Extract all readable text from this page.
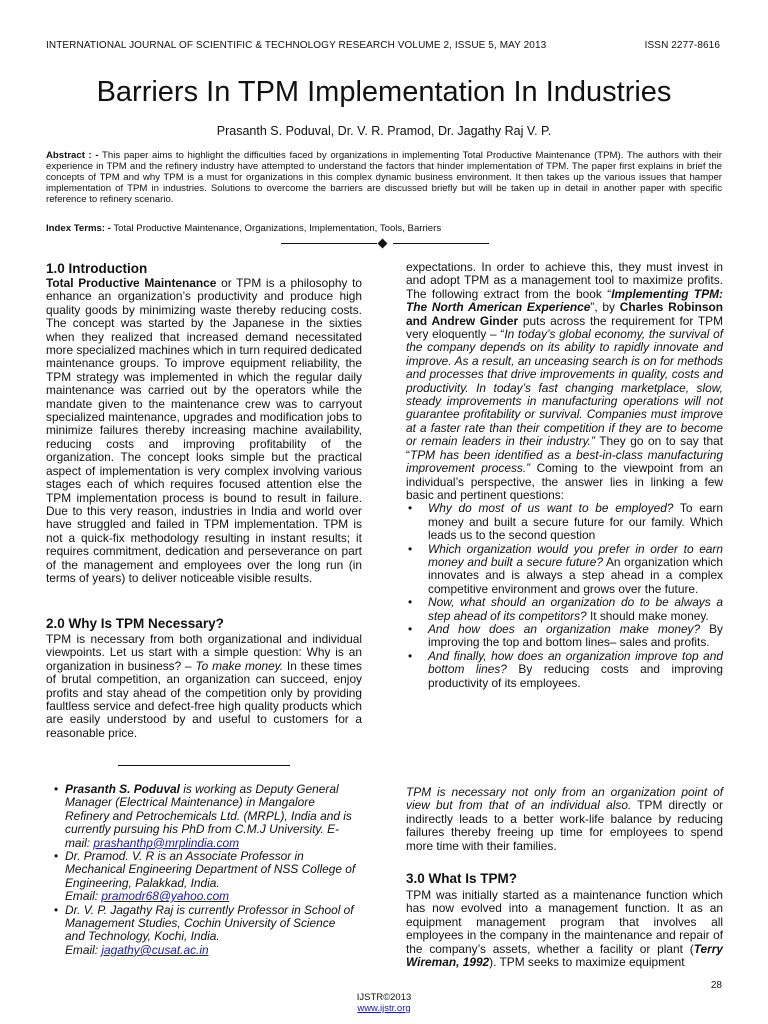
INTERNATIONAL JOURNAL OF SCIENTIFIC & TECHNOLOGY RESEARCH VOLUME 2, ISSUE 5, MAY 2013	ISSN 2277-8616
Barriers In TPM Implementation In Industries
Prasanth S. Poduval, Dr. V. R. Pramod, Dr. Jagathy Raj V. P.
Abstract : - This paper aims to highlight the difficulties faced by organizations in implementing Total Productive Maintenance (TPM). The authors with their experience in TPM and the refinery industry have attempted to understand the factors that hinder implementation of TPM. The paper first explains in brief the concepts of TPM and why TPM is a must for organizations in this complex dynamic business environment. It then takes up the various issues that hamper implementation of TPM in industries. Solutions to overcome the barriers are discussed briefly but will be taken up in detail in another paper with specific reference to refinery scenario.
Index Terms: - Total Productive Maintenance, Organizations, Implementation, Tools, Barriers
1.0 Introduction

Total Productive Maintenance or TPM is a philosophy to enhance an organization’s productivity and produce high quality goods by minimizing waste thereby reducing costs. The concept was started by the Japanese in the sixties when they realized that increased demand necessitated more specialized machines which in turn required dedicated maintenance groups. To improve equipment reliability, the TPM strategy was implemented in which the regular daily maintenance was carried out by the operators while the mandate given to the maintenance crew was to carryout specialized maintenance, upgrades and modification jobs to minimize failures thereby increasing machine availability, reducing costs and improving profitability of the organization. The concept looks simple but the practical aspect of implementation is very complex involving various stages each of which requires focused attention else the TPM implementation process is bound to result in failure. Due to this very reason, industries in India and world over have struggled and failed in TPM implementation. TPM is not a quick-fix methodology resulting in instant results; it requires commitment, dedication and perseverance on part of the management and employees over the long run (in terms of years) to deliver noticeable visible results.

2.0 Why Is TPM Necessary?

TPM is necessary from both organizational and individual viewpoints. Let us start with a simple question: Why is an organization in business? – To make money. In these times of brutal competition, an organization can succeed, enjoy profits and stay ahead of the competition only by providing faultless service and defect-free high quality products which are easily understood by and useful to customers for a reasonable price.

• Prasanth S. Poduval is working as Deputy General Manager (Electrical Maintenance) in Mangalore Refinery and Petrochemicals Ltd. (MRPL), India and is currently pursuing his PhD from C.M.J University. E-mail: prashanthp@mrplindia.com
• Dr. Pramod. V. R is an Associate Professor in Mechanical Engineering Department of NSS College of Engineering, Palakkad, India.
Email: pramodr68@yahoo.com
• Dr. V. P. Jagathy Raj is currently Professor in School of Management Studies, Cochin University of Science and Technology, Kochi, India.
Email: jagathy@cusat.ac.in

expectations. In order to achieve this, they must invest in and adopt TPM as a management tool to maximize profits. The following extract from the book “Implementing TPM: The North American Experience”, by Charles Robinson and Andrew Ginder puts across the requirement for TPM very eloquently – “In today’s global economy, the survival of the company depends on its ability to rapidly innovate and improve. As a result, an unceasing search is on for methods and processes that drive improvements in quality, costs and productivity. In today’s fast changing marketplace, slow, steady improvements in manufacturing operations will not guarantee profitability or survival. Companies must improve at a faster rate than their competition if they are to become or remain leaders in their industry.” They go on to say that “TPM has been identified as a best-in-class manufacturing improvement process.” Coming to the viewpoint from an individual’s perspective, the answer lies in linking a few basic and pertinent questions:

• Why do most of us want to be employed? To earn money and built a secure future for our family. Which leads us to the second question
• Which organization would you prefer in order to earn money and built a secure future? An organization which innovates and is always a step ahead in a complex competitive environment and grows over the future.
• Now, what should an organization do to be always a step ahead of its competitors? It should make money.
• And how does an organization make money? By improving the top and bottom lines– sales and profits.
• And finally, how does an organization improve top and bottom lines? By reducing costs and improving productivity of its employees.

TPM is necessary not only from an organization point of view but from that of an individual also. TPM directly or indirectly leads to a better work-life balance by reducing failures thereby freeing up time for employees to spend more time with their families.

3.0 What Is TPM?

TPM was initially started as a maintenance function which has now evolved into a management function. It as an equipment management program that involves all employees in the company in the maintenance and repair of the company’s assets, whether a facility or plant (Terry Wireman, 1992). TPM seeks to maximize equipment

28
IJSTR©2013
www.ijstr.org
